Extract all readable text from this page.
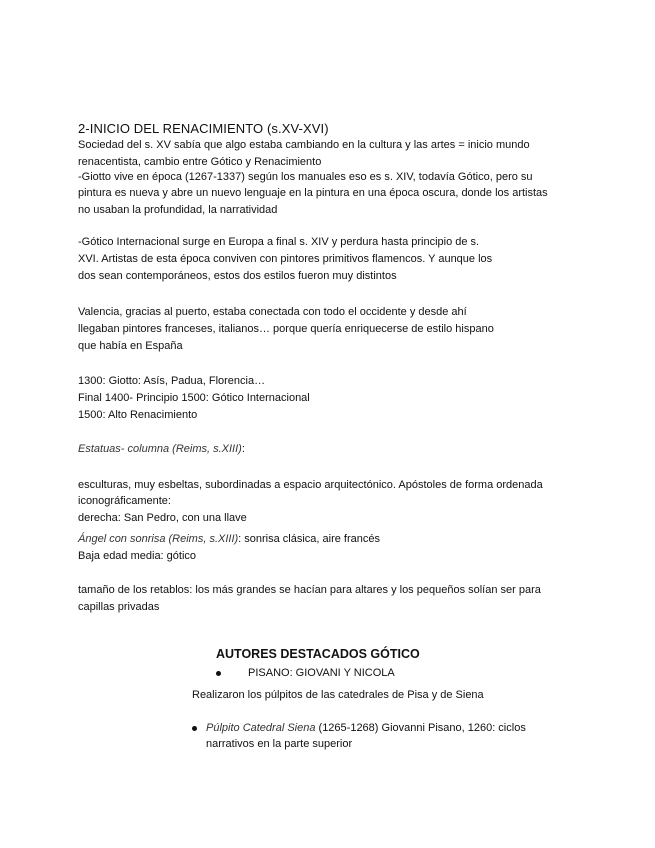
2-INICIO DEL RENACIMIENTO (s.XV-XVI)
Sociedad del s. XV sabía que algo estaba cambiando en la cultura y las artes = inicio mundo
renacentista, cambio entre Gótico y Renacimiento
-Giotto vive en época (1267-1337) según los manuales eso es s. XIV, todavía Gótico, pero su
pintura es nueva y abre un nuevo lenguaje en la pintura en una época oscura, donde los artistas
no usaban la profundidad, la narratividad
-Gótico Internacional surge en Europa a final s. XIV y perdura hasta principio de s.
XVI. Artistas de esta época conviven con pintores primitivos flamencos. Y aunque los
dos sean contemporáneos, estos dos estilos fueron muy distintos
Valencia, gracias al puerto, estaba conectada con todo el occidente y desde ahí
llegaban pintores franceses, italianos… porque quería enriquecerse de estilo hispano
que había en España
1300: Giotto: Asís, Padua, Florencia…
Final 1400- Principio 1500: Gótico Internacional
1500: Alto Renacimiento
Estatuas- columna (Reims, s.XIII):
esculturas, muy esbeltas, subordinadas a espacio arquitectónico. Apóstoles de forma ordenada
iconográficamente:
derecha: San Pedro, con una llave
Ángel con sonrisa (Reims, s.XIII): sonrisa clásica, aire francés
Baja edad media: gótico
tamaño de los retablos: los más grandes se hacían para altares y los pequeños solían ser para
capillas privadas
AUTORES DESTACADOS GÓTICO
PISANO: GIOVANI Y NICOLA
Realizaron los púlpitos de las catedrales de Pisa y de Siena
Púlpito Catedral Siena (1265-1268) Giovanni Pisano, 1260: ciclos
narrativos en la parte superior
